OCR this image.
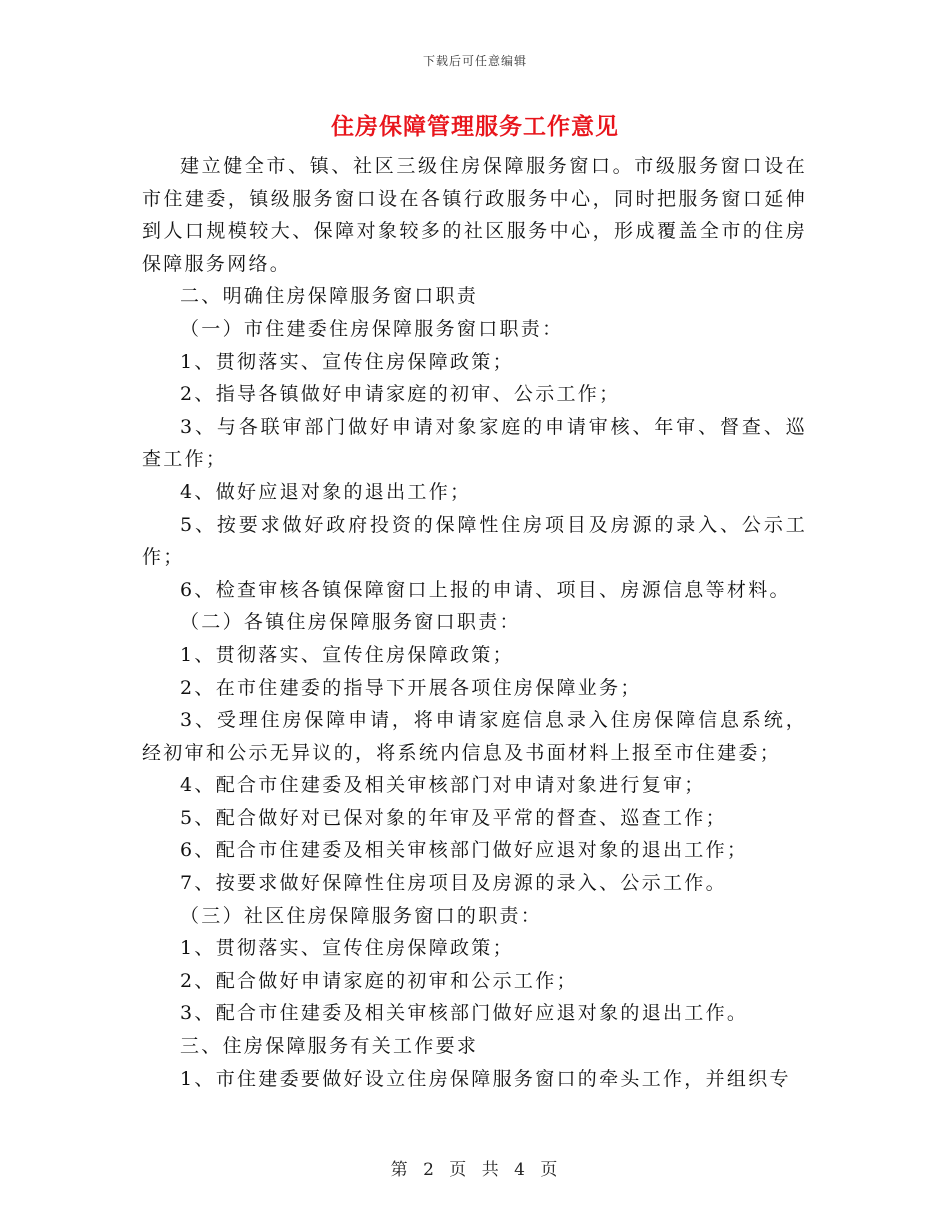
下载后可任意编辑
住房保障管理服务工作意见

建立健全市、镇、社区三级住房保障服务窗口。市级服务窗口设在市住建委，镇级服务窗口设在各镇行政服务中心，同时把服务窗口延伸到人口规模较大、保障对象较多的社区服务中心，形成覆盖全市的住房保障服务网络。

二、明确住房保障服务窗口职责

（一）市住建委住房保障服务窗口职责：

1、贯彻落实、宣传住房保障政策；

2、指导各镇做好申请家庭的初审、公示工作；

3、与各联审部门做好申请对象家庭的申请审核、年审、督查、巡查工作；

4、做好应退对象的退出工作；

5、按要求做好政府投资的保障性住房项目及房源的录入、公示工作；

6、检查审核各镇保障窗口上报的申请、项目、房源信息等材料。

（二）各镇住房保障服务窗口职责：

1、贯彻落实、宣传住房保障政策；

2、在市住建委的指导下开展各项住房保障业务；

3、受理住房保障申请，将申请家庭信息录入住房保障信息系统，经初审和公示无异议的，将系统内信息及书面材料上报至市住建委；

4、配合市住建委及相关审核部门对申请对象进行复审；

5、配合做好对已保对象的年审及平常的督查、巡查工作；

6、配合市住建委及相关审核部门做好应退对象的退出工作；

7、按要求做好保障性住房项目及房源的录入、公示工作。

（三）社区住房保障服务窗口的职责：

1、贯彻落实、宣传住房保障政策；

2、配合做好申请家庭的初审和公示工作；

3、配合市住建委及相关审核部门做好应退对象的退出工作。

三、住房保障服务有关工作要求

1、市住建委要做好设立住房保障服务窗口的牵头工作，并组织专

第 2 页 共 4 页
